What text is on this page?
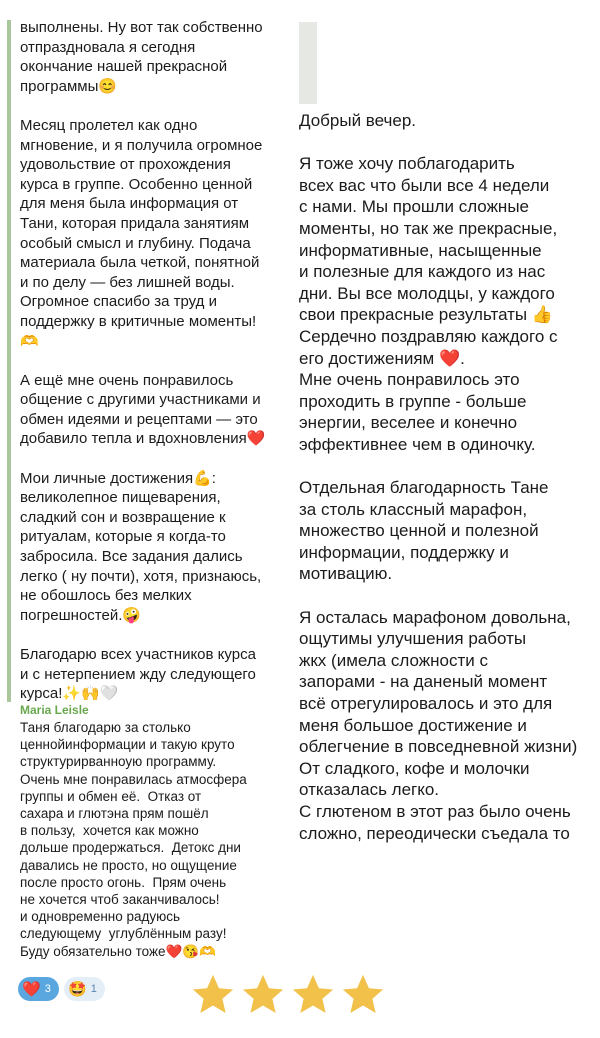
выполнены. Ну вот так собственно
отпраздновала я сегодня
окончание нашей прекрасной
программы😊

Месяц пролетел как одно
мгновение, и я получила огромное
удовольствие от прохождения
курса в группе. Особенно ценной
для меня была информация от
Тани, которая придала занятиям
особый смысл и глубину. Подача
материала была четкой, понятной
и по делу — без лишней воды.
Огромное спасибо за труд и
поддержку в критичные моменты!
🫶

А ещё мне очень понравилось
общение с другими участниками и
обмен идеями и рецептами — это
добавило тепла и вдохновления❤️

Мои личные достижения💪:
великолепное пищеварения,
сладкий сон и возвращение к
ритуалам, которые я когда-то
забросила. Все задания дались
легко ( ну почти), хотя, признаюсь,
не обошлось без мелких
погрешностей.🤪

Благодарю всех участников курса
и с нетерпением жду следующего
курса!✨🙌🤍
Добрый вечер.

Я тоже хочу поблагодарить
всех вас что были все 4 недели
с нами. Мы прошли сложные
моменты, но так же прекрасные,
информативные, насыщенные
и полезные для каждого из нас
дни. Вы все молодцы, у каждого
свои прекрасные результаты 👍
Сердечно поздравляю каждого с
его достижениям ❤️.
Мне очень понравилось это
проходить в группе - больше
энергии, веселее и конечно
эффективнее чем в одиночку.

Отдельная благодарность Тане
за столь классный марафон,
множество ценной и полезной
информации, поддержку и
мотивацию.

Я осталась марафоном довольна,
ощутимы улучшения работы
жкх (имела сложности с
запорами - на даненый момент
всё отрегулировалось и это для
меня большое достижение и
облегчение в повседневной жизни)
От сладкого, кофе и молочки
отказалась легко.
С глютеном в этот раз было очень
сложно, переодически съедала то
Maria Leisle
Таня благодарю за столько
ценнойинформации и такую круто
структурирванноую программу.
Очень мне понравилась атмосфера
группы и обмен её.  Отказ от
сахара и глютэна прям пошёл
в пользу,  хочется как можно
дольше продержаться.  Детокс дни
давались не просто, но ощущение
после просто огонь.  Прям очень
не хочется чтоб заканчивалось!
и одновременно радуюсь
следующему  углублённым разу!
Буду обязательно тоже❤️😘🫶
❤️ 3 🤩 1
